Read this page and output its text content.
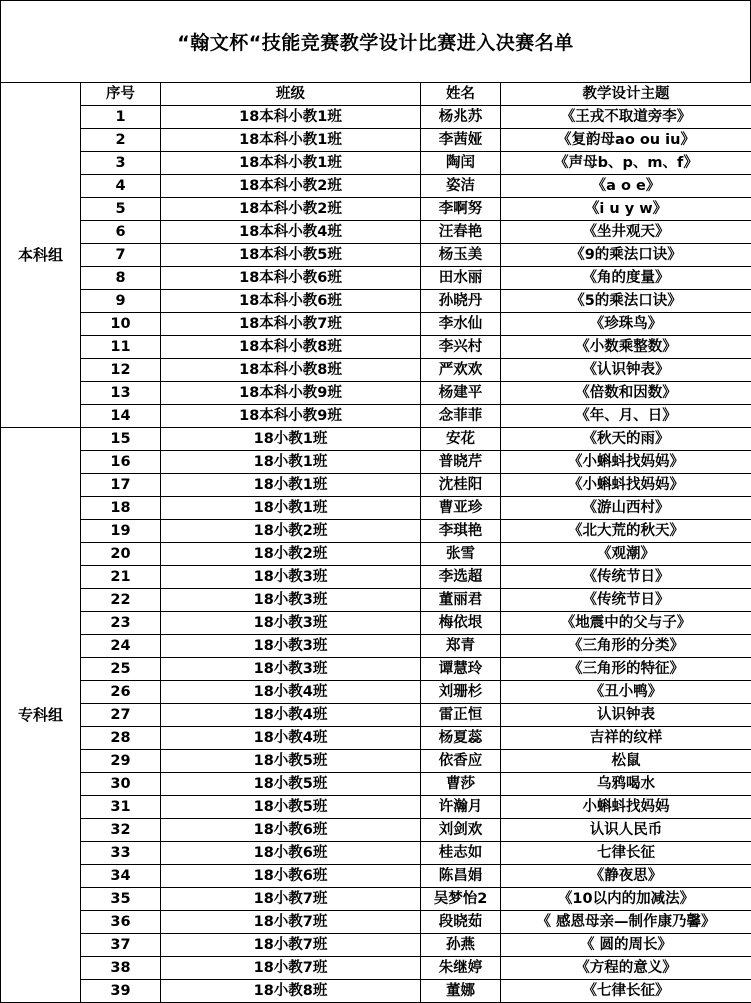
“翰文杯“技能竞赛教学设计比赛进入决赛名单
本科组	序号	班级	姓名	教学设计主题
	1	18本科小教1班	杨兆苏	《王戎不取道旁李》
	2	18本科小教1班	李茜娅	《复韵母ao ou iu》
	3	18本科小教1班	陶闰	《声母b、p、m、f》
	4	18本科小教2班	姿洁	《a o e》
	5	18本科小教2班	李啊努	《i u y w》
	6	18本科小教4班	汪春艳	《坐井观天》
	7	18本科小教5班	杨玉美	《9的乘法口诀》
	8	18本科小教6班	田水丽	《角的度量》
	9	18本科小教6班	孙晓丹	《5的乘法口诀》
	10	18本科小教7班	李水仙	《珍珠鸟》
	11	18本科小教8班	李兴村	《小数乘整数》
	12	18本科小教8班	严欢欢	《认识钟表》
	13	18本科小教9班	杨建平	《倍数和因数》
	14	18本科小教9班	念菲菲	《年、月、日》
专科组	15	18小教1班	安花	《秋天的雨》
	16	18小教1班	普晓芹	《小蝌蚪找妈妈》
	17	18小教1班	沈桂阳	《小蝌蚪找妈妈》
	18	18小教1班	曹亚珍	《游山西村》
	19	18小教2班	李琪艳	《北大荒的秋天》
	20	18小教2班	张雪	《观潮》
	21	18小教3班	李选超	《传统节日》
	22	18小教3班	董丽君	《传统节日》
	23	18小教3班	梅依垠	《地震中的父与子》
	24	18小教3班	郑青	《三角形的分类》
	25	18小教3班	谭慧玲	《三角形的特征》
	26	18小教4班	刘珊杉	《丑小鸭》
	27	18小教4班	雷正恒	认识钟表
	28	18小教4班	杨夏蕊	吉祥的纹样
	29	18小教5班	依香应	松鼠
	30	18小教5班	曹莎	乌鸦喝水
	31	18小教5班	许瀚月	小蝌蚪找妈妈
	32	18小教6班	刘剑欢	认识人民币
	33	18小教6班	桂志如	七律长征
	34	18小教6班	陈昌娟	《静夜思》
	35	18小教7班	吴梦怡2	《10以内的加减法》
	36	18小教7班	段晓茹	《 感恩母亲—制作康乃馨》
	37	18小教7班	孙燕	《 圆的周长》
	38	18小教7班	朱继婷	《方程的意义》
	39	18小教8班	董娜	《七律长征》
